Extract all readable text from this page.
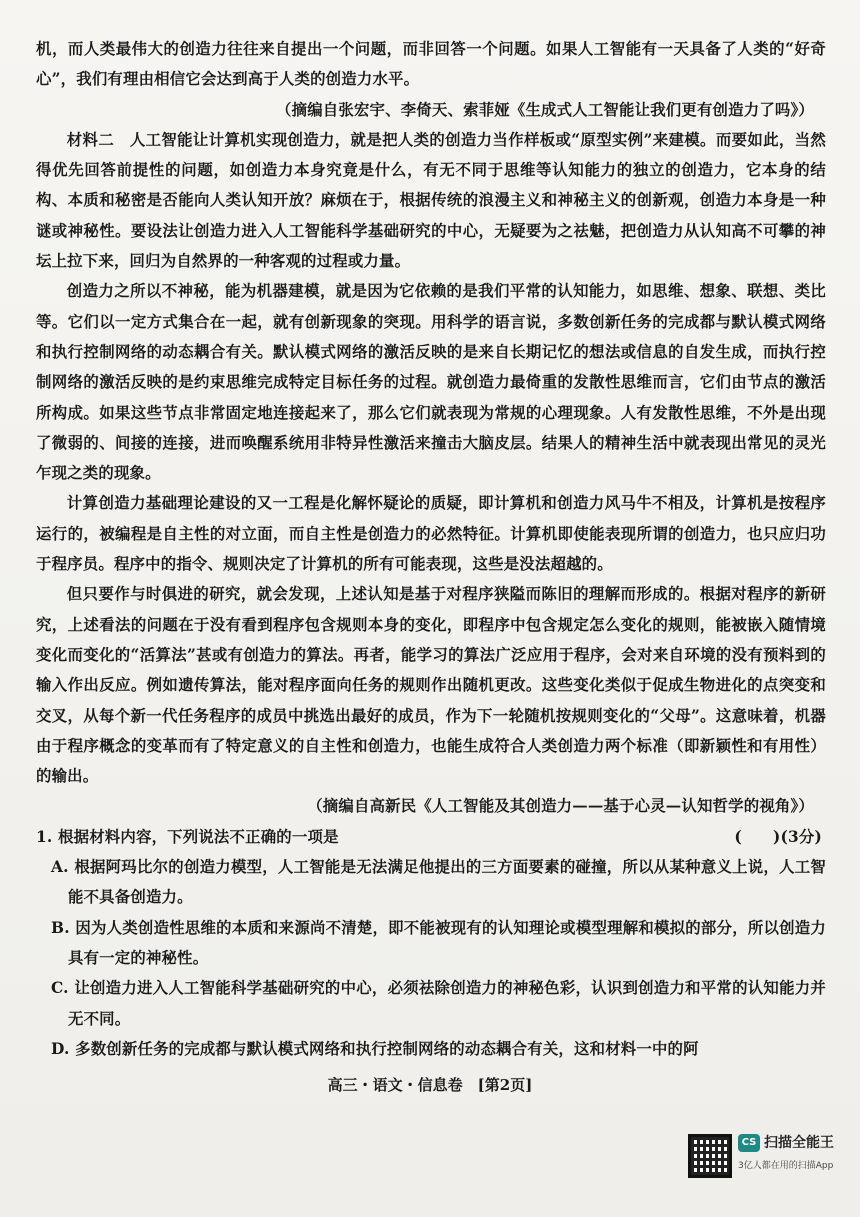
机，而人类最伟大的创造力往往来自提出一个问题，而非回答一个问题。如果人工智能有一天具备了人类的“好奇心”，我们有理由相信它会达到高于人类的创造力水平。

（摘编自张宏宇、李倚天、索菲娅《生成式人工智能让我们更有创造力了吗》）

材料二　人工智能让计算机实现创造力，就是把人类的创造力当作样板或“原型实例”来建模。而要如此，当然得优先回答前提性的问题，如创造力本身究竟是什么，有无不同于思维等认知能力的独立的创造力，它本身的结构、本质和秘密是否能向人类认知开放？麻烦在于，根据传统的浪漫主义和神秘主义的创新观，创造力本身是一种谜或神秘性。要设法让创造力进入人工智能科学基础研究的中心，无疑要为之祛魅，把创造力从认知高不可攀的神坛上拉下来，回归为自然界的一种客观的过程或力量。

创造力之所以不神秘，能为机器建模，就是因为它依赖的是我们平常的认知能力，如思维、想象、联想、类比等。它们以一定方式集合在一起，就有创新现象的突现。用科学的语言说，多数创新任务的完成都与默认模式网络和执行控制网络的动态耦合有关。默认模式网络的激活反映的是来自长期记忆的想法或信息的自发生成，而执行控制网络的激活反映的是约束思维完成特定目标任务的过程。就创造力最倚重的发散性思维而言，它们由节点的激活所构成。如果这些节点非常固定地连接起来了，那么它们就表现为常规的心理现象。人有发散性思维，不外是出现了微弱的、间接的连接，进而唤醒系统用非特异性激活来撞击大脑皮层。结果人的精神生活中就表现出常见的灵光乍现之类的现象。

计算创造力基础理论建设的又一工程是化解怀疑论的质疑，即计算机和创造力风马牛不相及，计算机是按程序运行的，被编程是自主性的对立面，而自主性是创造力的必然特征。计算机即使能表现所谓的创造力，也只应归功于程序员。程序中的指令、规则决定了计算机的所有可能表现，这些是没法超越的。

但只要作与时俱进的研究，就会发现，上述认知是基于对程序狭隘而陈旧的理解而形成的。根据对程序的新研究，上述看法的问题在于没有看到程序包含规则本身的变化，即程序中包含规定怎么变化的规则，能被嵌入随情境变化而变化的“活算法”甚或有创造力的算法。再者，能学习的算法广泛应用于程序，会对来自环境的没有预料到的输入作出反应。例如遗传算法，能对程序面向任务的规则作出随机更改。这些变化类似于促成生物进化的点突变和交叉，从每个新一代任务程序的成员中挑选出最好的成员，作为下一轮随机按规则变化的“父母”。这意味着，机器由于程序概念的变革而有了特定意义的自主性和创造力，也能生成符合人类创造力两个标准（即新颖性和有用性）的输出。

（摘编自高新民《人工智能及其创造力——基于心灵—认知哲学的视角》）

1. 根据材料内容，下列说法不正确的一项是	(　　)(3分)

A. 根据阿玛比尔的创造力模型，人工智能是无法满足他提出的三方面要素的碰撞，所以从某种意义上说，人工智能不具备创造力。

B. 因为人类创造性思维的本质和来源尚不清楚，即不能被现有的认知理论或模型理解和模拟的部分，所以创造力具有一定的神秘性。

C. 让创造力进入人工智能科学基础研究的中心，必须祛除创造力的神秘色彩，认识到创造力和平常的认知能力并无不同。

D. 多数创新任务的完成都与默认模式网络和执行控制网络的动态耦合有关，这和材料一中的阿

高三・语文・信息卷　[第2页]
CS 扫描全能王
3亿人都在用的扫描App
